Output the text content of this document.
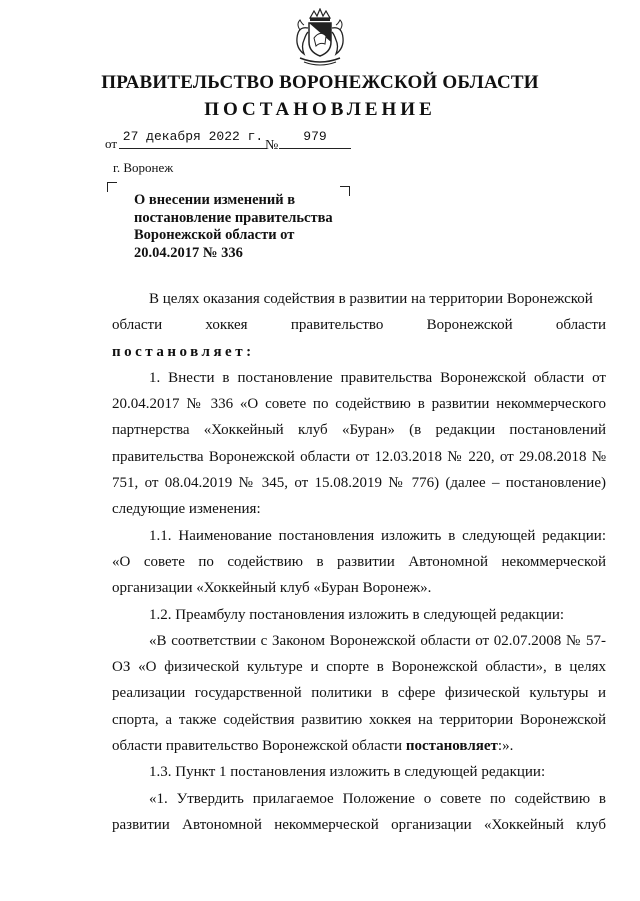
ПРАВИТЕЛЬСТВО ВОРОНЕЖСКОЙ ОБЛАСТИ
ПОСТАНОВЛЕНИЕ
от 27 декабря 2022 г.
№
979
г. Воронеж
О внесении изменений в постановление правительства Воронежской области от 20.04.2017 № 336

В целях оказания содействия в развитии на территории Воронежской

области хоккея правительство Воронежской области

постановляет:

1. Внести в постановление правительства Воронежской области от 20.04.2017 № 336 «О совете по содействию в развитии некоммерческого партнерства «Хоккейный клуб «Буран» (в редакции постановлений правительства Воронежской области от 12.03.2018 № 220, от 29.08.2018 № 751, от 08.04.2019 № 345, от 15.08.2019 № 776) (далее – постановление) следующие изменения:

1.1. Наименование постановления изложить в следующей редакции: «О совете по содействию в развитии Автономной некоммерческой организации «Хоккейный клуб «Буран Воронеж».

1.2. Преамбулу постановления изложить в следующей редакции:

«В соответствии с Законом Воронежской области от 02.07.2008 № 57-ОЗ «О физической культуре и спорте в Воронежской области», в целях реализации государственной политики в сфере физической культуры и спорта, а также содействия развитию хоккея на территории Воронежской области правительство Воронежской области постановляет:».

1.3. Пункт 1 постановления изложить в следующей редакции:

«1. Утвердить прилагаемое Положение о совете по содействию в развитии Автономной некоммерческой организации «Хоккейный клуб
